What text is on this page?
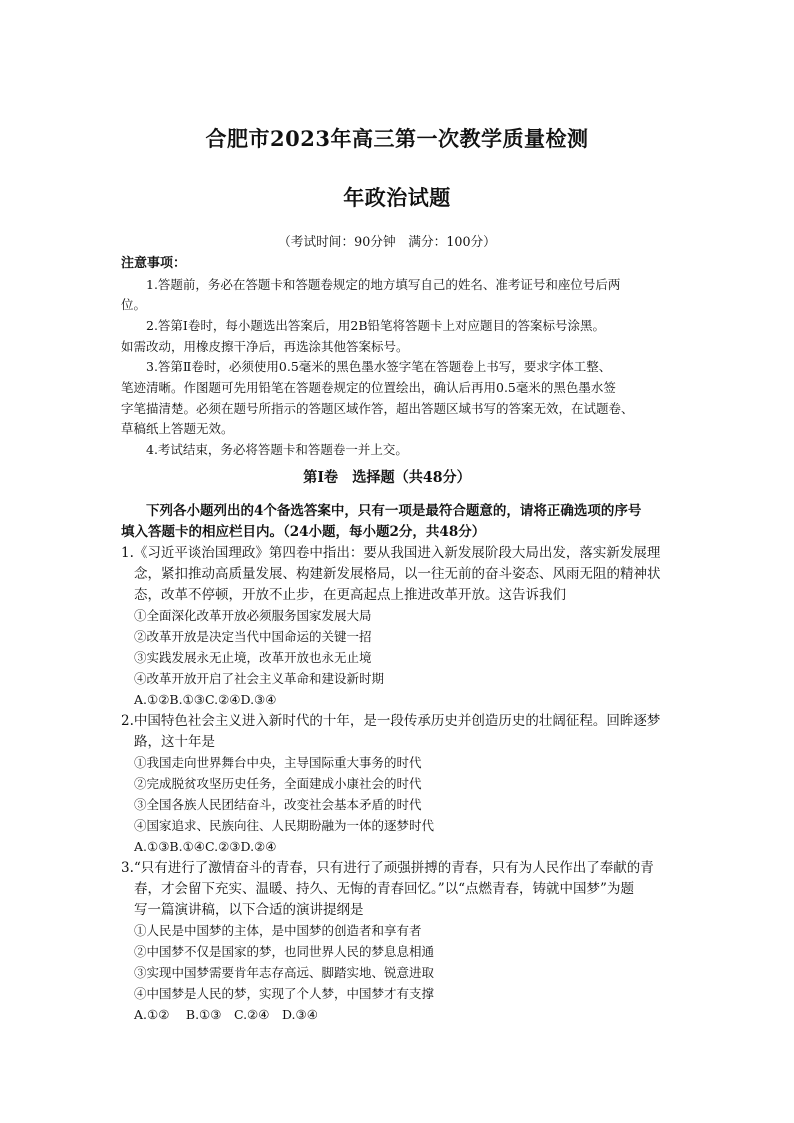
合肥市2023年高三第一次教学质量检测
年政治试题
（考试时间：90分钟　满分：100分）
注意事项：
1.答题前，务必在答题卡和答题卷规定的地方填写自己的姓名、准考证号和座位号后两
位。
2.答第Ⅰ卷时，每小题选出答案后，用2B铅笔将答题卡上对应题目的答案标号涂黑。
如需改动，用橡皮擦干净后，再选涂其他答案标号。
3.答第Ⅱ卷时，必须使用0.5毫米的黑色墨水签字笔在答题卷上书写，要求字体工整、
笔迹清晰。作图题可先用铅笔在答题卷规定的位置绘出，确认后再用0.5毫米的黑色墨水签
字笔描清楚。必须在题号所指示的答题区域作答，超出答题区域书写的答案无效，在试题卷、
草稿纸上答题无效。
4.考试结束，务必将答题卡和答题卷一并上交。
第Ⅰ卷　选择题（共48分）
下列各小题列出的4个备选答案中，只有一项是最符合题意的，请将正确选项的序号
填入答题卡的相应栏目内。（24小题，每小题2分，共48分）
1.《习近平谈治国理政》第四卷中指出：要从我国进入新发展阶段大局出发，落实新发展理
念，紧扣推动高质量发展、构建新发展格局，以一往无前的奋斗姿态、风雨无阻的精神状
态，改革不停顿，开放不止步，在更高起点上推进改革开放。这告诉我们
①全面深化改革开放必须服务国家发展大局
②改革开放是决定当代中国命运的关键一招
③实践发展永无止境，改革开放也永无止境
④改革开放开启了社会主义革命和建设新时期
A.①②B.①③C.②④D.③④
2.中国特色社会主义进入新时代的十年，是一段传承历史并创造历史的壮阔征程。回眸逐梦
路，这十年是
①我国走向世界舞台中央，主导国际重大事务的时代
②完成脱贫攻坚历史任务，全面建成小康社会的时代
③全国各族人民团结奋斗，改变社会基本矛盾的时代
④国家追求、民族向往、人民期盼融为一体的逐梦时代
A.①③B.①④C.②③D.②④
3.“只有进行了激情奋斗的青春，只有进行了顽强拼搏的青春，只有为人民作出了奉献的青
春，才会留下充实、温暖、持久、无悔的青春回忆。”以“点燃青春，铸就中国梦”为题
写一篇演讲稿，以下合适的演讲提纲是
①人民是中国梦的主体，是中国梦的创造者和享有者
②中国梦不仅是国家的梦，也同世界人民的梦息息相通
③实现中国梦需要肯年志存高远、脚踏实地、锐意进取
④中国梦是人民的梦，实现了个人梦，中国梦才有支撑
A.①②　 B.①③　C.②④　D.③④
